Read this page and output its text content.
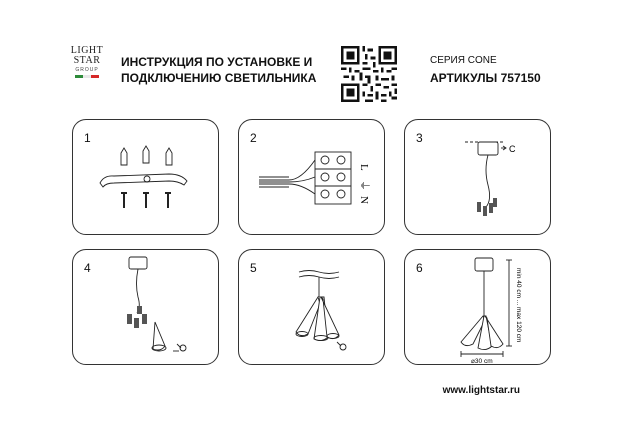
LIGHT
STAR
GROUP
ИНСТРУКЦИЯ ПО УСТАНОВКЕ И
ПОДКЛЮЧЕНИЮ СВЕТИЛЬНИКА
СЕРИЯ CONE
АРТИКУЛЫ 757150
1	2
L
⏚
N
3
C
4	5	6	min 40 cm ... max 120 cm
⌀30 cm
www.lightstar.ru
